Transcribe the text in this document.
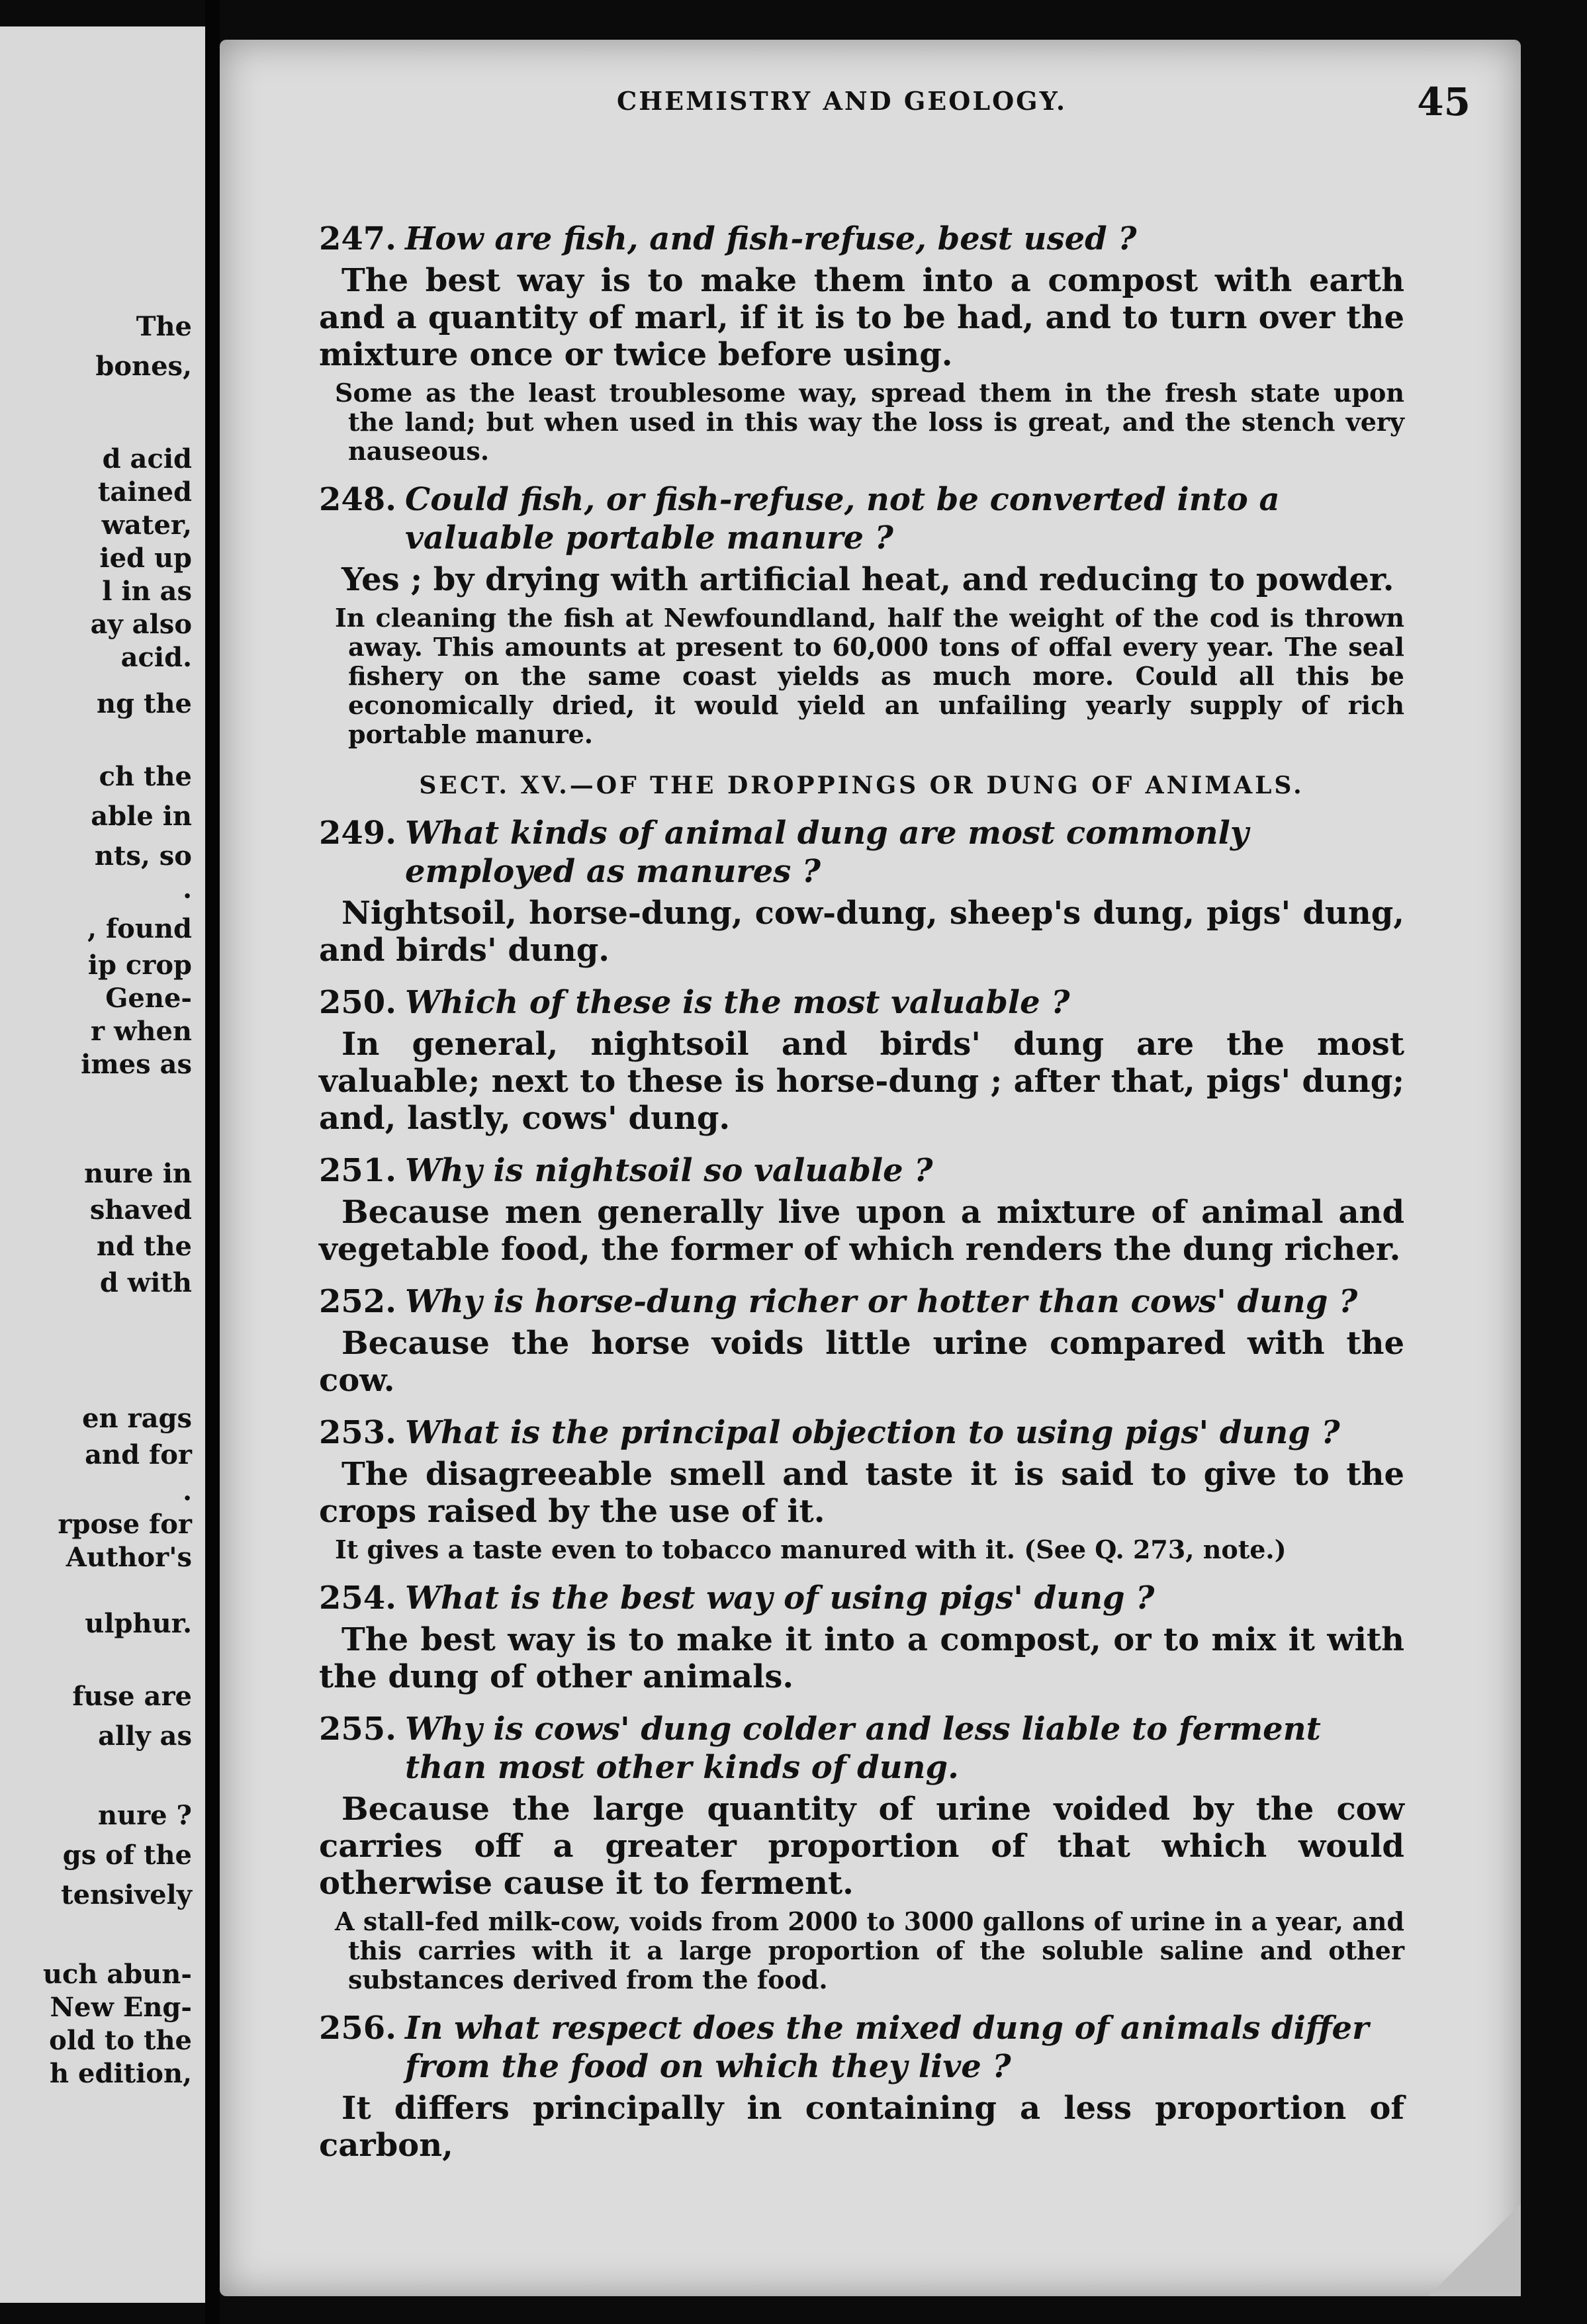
The
bones,
d acid
tained
water,
ied up
l in as
ay also
acid.
ng the
ch the
able in
nts, so
.
, found
ip crop
Gene-
r when
imes as
nure in
shaved
nd the
d with
en rags
and for
.
rpose for
Author's
ulphur.
fuse are
ally as
nure ?
gs of the
tensively
uch abun-
New Eng-
old to the
h edition,
CHEMISTRY AND GEOLOGY.	45
247. How are fish, and fish-refuse, best used ?
The best way is to make them into a compost with earth and a quantity of marl, if it is to be had, and to turn over the mixture once or twice before using.
Some as the least troublesome way, spread them in the fresh state upon the land; but when used in this way the loss is great, and the stench very nauseous.
248. Could fish, or fish-refuse, not be converted into a valuable portable manure ?
Yes ; by drying with artificial heat, and reducing to powder.
In cleaning the fish at Newfoundland, half the weight of the cod is thrown away. This amounts at present to 60,000 tons of offal every year. The seal fishery on the same coast yields as much more. Could all this be economically dried, it would yield an unfailing yearly supply of rich portable manure.
SECT. XV.—OF THE DROPPINGS OR DUNG OF ANIMALS.
249. What kinds of animal dung are most commonly employed as manures ?
Nightsoil, horse-dung, cow-dung, sheep's dung, pigs' dung, and birds' dung.
250. Which of these is the most valuable ?
In general, nightsoil and birds' dung are the most valuable; next to these is horse-dung ; after that, pigs' dung; and, lastly, cows' dung.
251. Why is nightsoil so valuable ?
Because men generally live upon a mixture of animal and vegetable food, the former of which renders the dung richer.
252. Why is horse-dung richer or hotter than cows' dung ?
Because the horse voids little urine compared with the cow.
253. What is the principal objection to using pigs' dung ?
The disagreeable smell and taste it is said to give to the crops raised by the use of it.
It gives a taste even to tobacco manured with it. (See Q. 273, note.)
254. What is the best way of using pigs' dung ?
The best way is to make it into a compost, or to mix it with the dung of other animals.
255. Why is cows' dung colder and less liable to ferment than most other kinds of dung.
Because the large quantity of urine voided by the cow carries off a greater proportion of that which would otherwise cause it to ferment.
A stall-fed milk-cow, voids from 2000 to 3000 gallons of urine in a year, and this carries with it a large proportion of the soluble saline and other substances derived from the food.
256. In what respect does the mixed dung of animals differ from the food on which they live ?
It differs principally in containing a less proportion of carbon,
